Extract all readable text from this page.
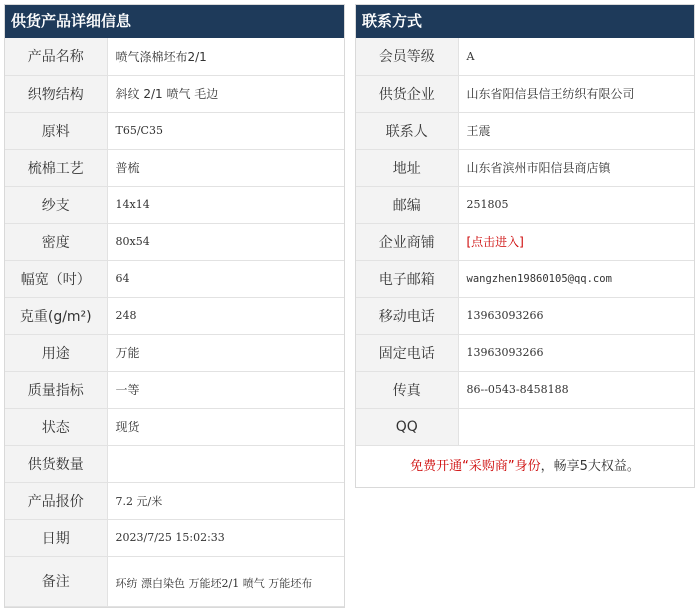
供货产品详细信息
产品名称	喷气涤棉坯布2/1
织物结构	斜纹 2/1 喷气 毛边
原料	T65/C35
梳棉工艺	普梳
纱支	14x14
密度	80x54
幅宽（吋）	64
克重(g/m²)	248
用途	万能
质量指标	一等
状态	现货
供货数量	
产品报价	7.2 元/米
日期	2023/7/25 15:02:33
备注	环纺 漂白染色 万能坯2/1 喷气 万能坯布
联系方式
会员等级	A
供货企业	山东省阳信县信王纺织有限公司
联系人	王震
地址	山东省滨州市阳信县商店镇
邮编	251805
企业商铺	[点击进入]
电子邮箱	wangzhen19860105@qq.com
移动电话	13963093266
固定电话	13963093266
传真	86--0543-8458188
QQ	
免费开通“采购商”身份，畅享5大权益。
